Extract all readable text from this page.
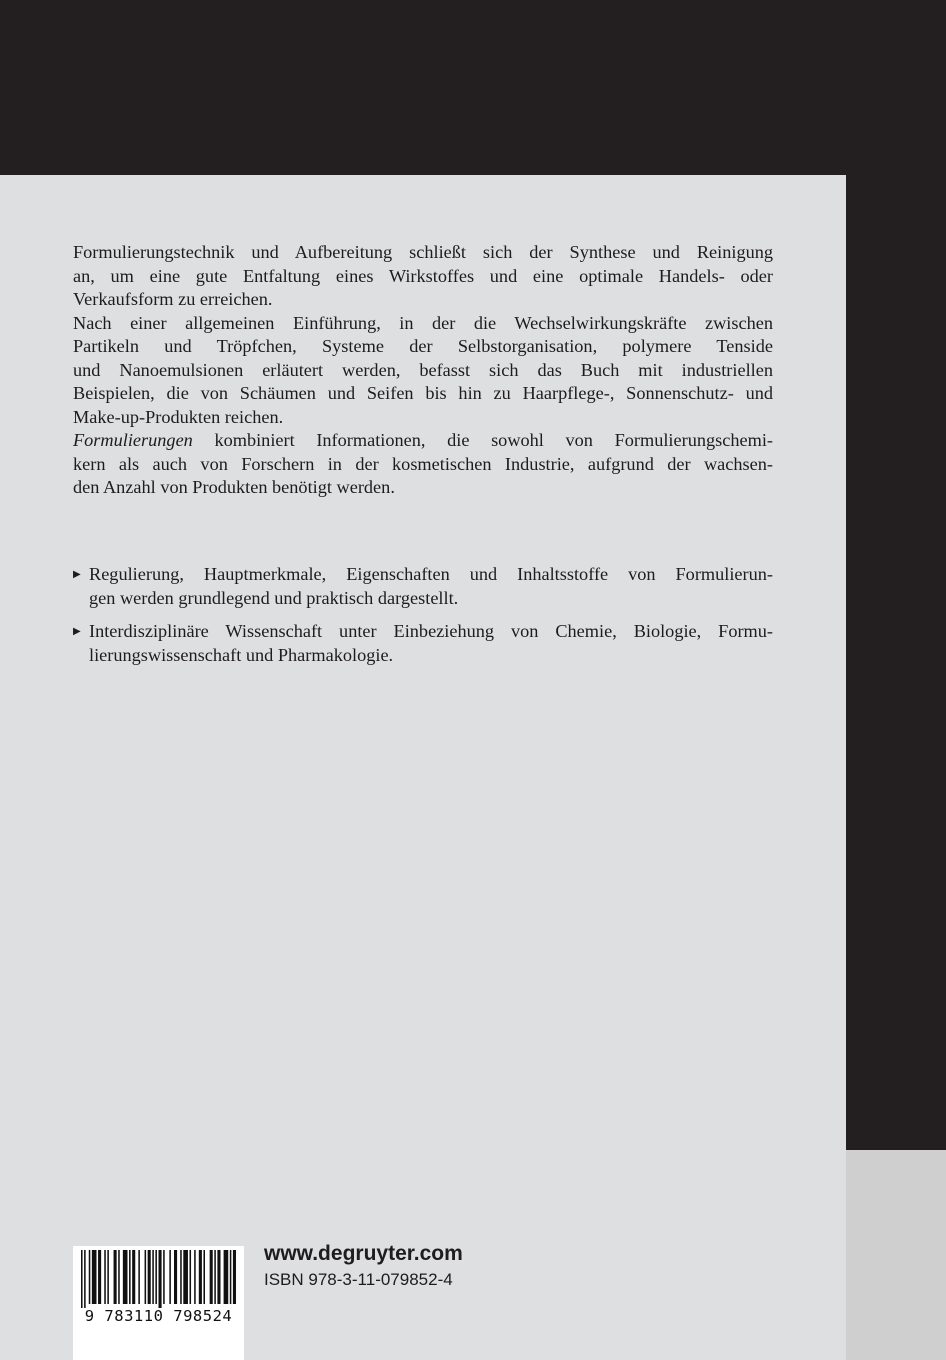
Formulierungstechnik und Aufbereitung schließt sich der Synthese und Reinigung
an, um eine gute Entfaltung eines Wirkstoffes und eine optimale Handels- oder
Verkaufsform zu erreichen.

Nach einer allgemeinen Einführung, in der die Wechselwirkungskräfte zwischen
Partikeln und Tröpfchen, Systeme der Selbstorganisation, polymere Tenside
und Nanoemulsionen erläutert werden, befasst sich das Buch mit industriellen
Beispielen, die von Schäumen und Seifen bis hin zu Haarpflege-, Sonnenschutz- und
Make-up-Produkten reichen.

Formulierungen kombiniert Informationen, die sowohl von Formulierungschemi-
kern als auch von Forschern in der kosmetischen Industrie, aufgrund der wachsen-
den Anzahl von Produkten benötigt werden.

▶ Regulierung, Hauptmerkmale, Eigenschaften und Inhaltsstoffe von Formulierun-
gen werden grundlegend und praktisch dargestellt.
▶ Interdisziplinäre Wissenschaft unter Einbeziehung von Chemie, Biologie, Formu-
lierungswissenschaft und Pharmakologie.
9 783110 798524
www.degruyter.com
ISBN 978-3-11-079852-4
